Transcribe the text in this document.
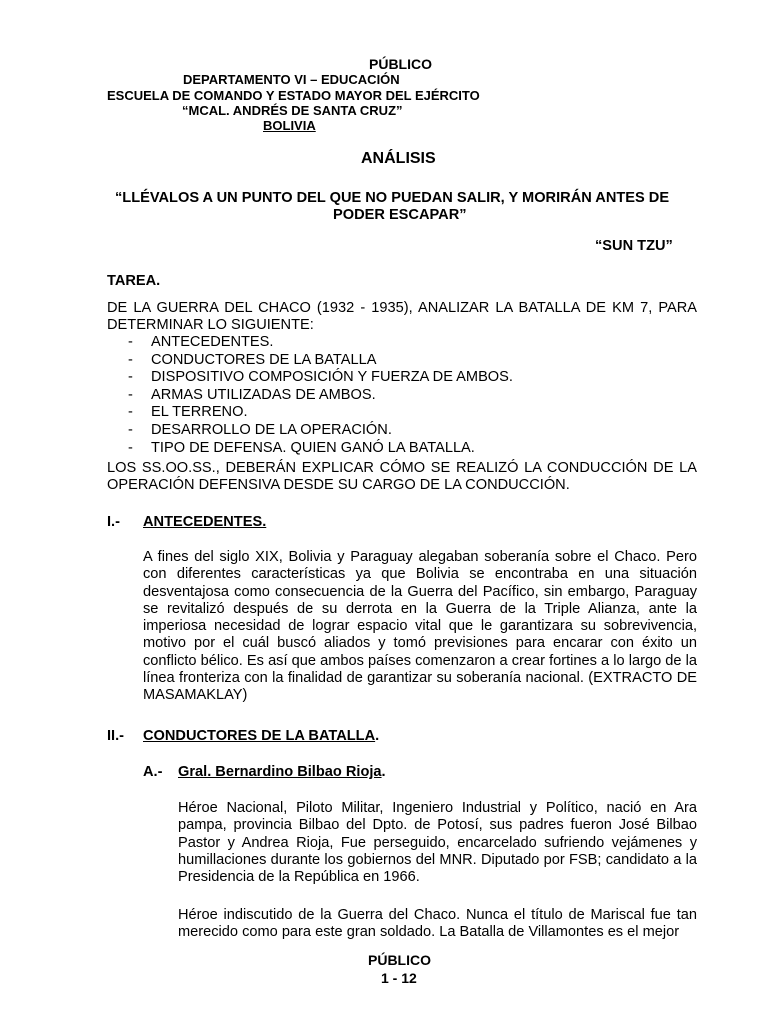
PÚBLICO
DEPARTAMENTO VI – EDUCACIÓN
ESCUELA DE COMANDO Y ESTADO MAYOR DEL EJÉRCITO
“MCAL. ANDRÉS DE SANTA CRUZ”
BOLIVIA
ANÁLISIS
“LLÉVALOS A UN PUNTO DEL QUE NO PUEDAN SALIR, Y MORIRÁN ANTES DE
PODER ESCAPAR”
“SUN TZU”
TAREA.
DE LA GUERRA DEL CHACO (1932 - 1935), ANALIZAR LA BATALLA DE KM 7, PARA DETERMINAR LO SIGUIENTE:
- ANTECEDENTES.
- CONDUCTORES DE LA BATALLA
- DISPOSITIVO COMPOSICIÓN Y FUERZA DE AMBOS.
- ARMAS UTILIZADAS DE AMBOS.
- EL TERRENO.
- DESARROLLO DE LA OPERACIÓN.
- TIPO DE DEFENSA. QUIEN GANÓ LA BATALLA.
LOS SS.OO.SS., DEBERÁN EXPLICAR CÓMO SE REALIZÓ LA CONDUCCIÓN DE LA OPERACIÓN DEFENSIVA DESDE SU CARGO DE LA CONDUCCIÓN.
I.- ANTECEDENTES.
A fines del siglo XIX, Bolivia y Paraguay alegaban soberanía sobre el Chaco. Pero con diferentes características ya que Bolivia se encontraba en una situación desventajosa como consecuencia de la Guerra del Pacífico, sin embargo, Paraguay se revitalizó después de su derrota en la Guerra de la Triple Alianza, ante la imperiosa necesidad de lograr espacio vital que le garantizara su sobrevivencia, motivo por el cuál buscó aliados y tomó previsiones para encarar con éxito un conflicto bélico. Es así que ambos países comenzaron a crear fortines a lo largo de la línea fronteriza con la finalidad de garantizar su soberanía nacional. (EXTRACTO DE MASAMAKLAY)
II.- CONDUCTORES DE LA BATALLA.
A.- Gral. Bernardino Bilbao Rioja.
Héroe Nacional, Piloto Militar, Ingeniero Industrial y Político, nació en Ara pampa, provincia Bilbao del Dpto. de Potosí, sus padres fueron José Bilbao Pastor y Andrea Rioja, Fue perseguido, encarcelado sufriendo vejámenes y humillaciones durante los gobiernos del MNR. Diputado por FSB; candidato a la Presidencia de la República en 1966.
Héroe indiscutido de la Guerra del Chaco. Nunca el título de Mariscal fue tan merecido como para este gran soldado. La Batalla de Villamontes es el mejor
PÚBLICO
1 - 12
